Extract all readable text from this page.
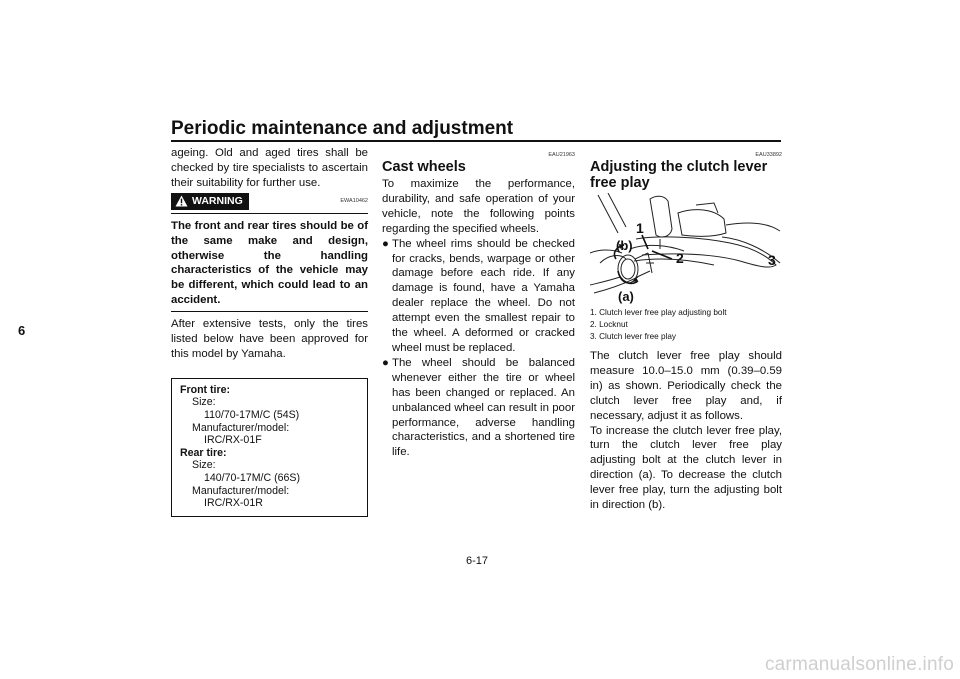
Periodic maintenance and adjustment
6

ageing. Old and aged tires shall be checked by tire specialists to ascertain their suitability for further use.

WARNING	EWA10462

The front and rear tires should be of the same make and design, otherwise the handling characteristics of the vehicle may be different, which could lead to an accident.

After extensive tests, only the tires listed below have been approved for this model by Yamaha.

Front tire:
Size:
110/70-17M/C (54S)
Manufacturer/model:
IRC/RX-01F
Rear tire:
Size:
140/70-17M/C (66S)
Manufacturer/model:
IRC/RX-01R
EAU21963
Cast wheels

To maximize the performance, durability, and safe operation of your vehicle, note the following points regarding the specified wheels.

● The wheel rims should be checked for cracks, bends, warpage or other damage before each ride. If any damage is found, have a Yamaha dealer replace the wheel. Do not attempt even the smallest repair to the wheel. A deformed or cracked wheel must be replaced.

● The wheel should be balanced whenever either the tire or wheel has been changed or replaced. An unbalanced wheel can result in poor performance, adverse handling characteristics, and a shortened tire life.

EAU33892
Adjusting the clutch lever free play
1
2	3
(a)
(b)
1. Clutch lever free play adjusting bolt
2. Locknut
3. Clutch lever free play

The clutch lever free play should measure 10.0–15.0 mm (0.39–0.59 in) as shown. Periodically check the clutch lever free play and, if necessary, adjust it as follows.

To increase the clutch lever free play, turn the clutch lever free play adjusting bolt at the clutch lever in direction (a). To decrease the clutch lever free play, turn the adjusting bolt in direction (b).

6-17
carmanualsonline.info
